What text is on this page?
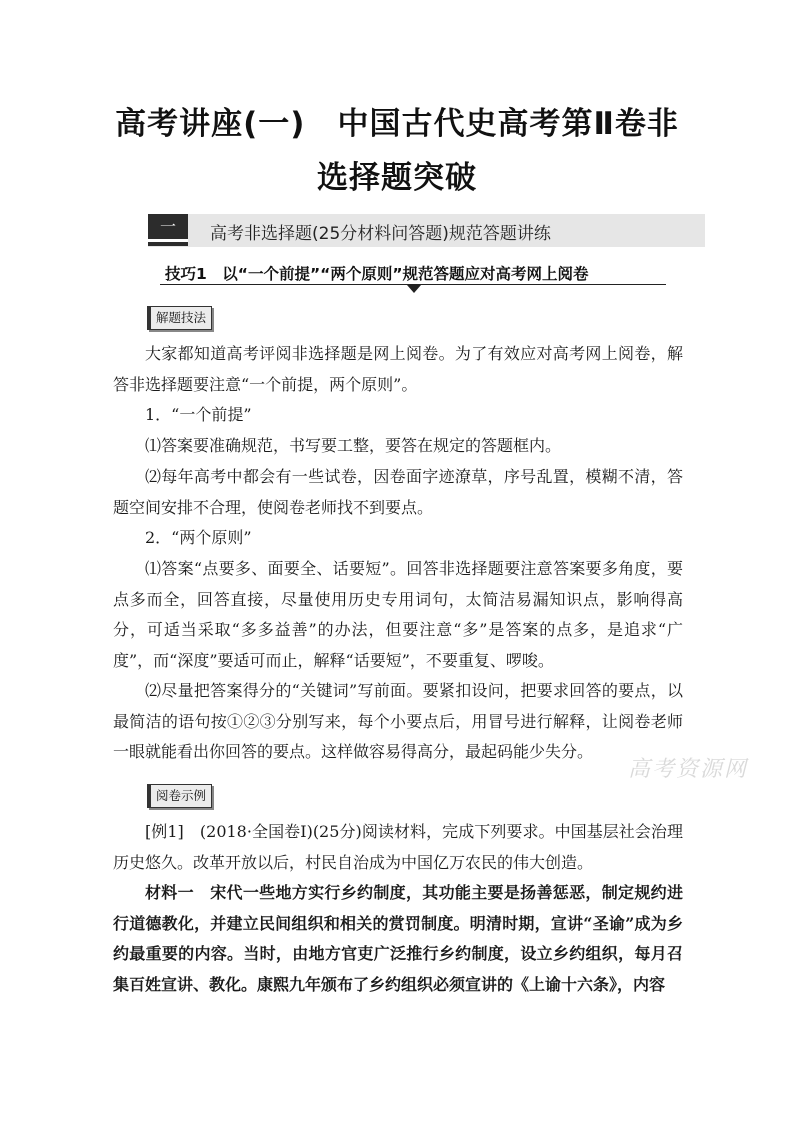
高考讲座(一)　中国古代史高考第Ⅱ卷非
选择题突破
一	高考非选择题(25分材料问答题)规范答题讲练
技巧1　以“一个前提”“两个原则”规范答题应对高考网上阅卷
解题技法

大家都知道高考评阅非选择题是网上阅卷。为了有效应对高考网上阅卷，解答非选择题要注意“一个前提，两个原则”。

1．“一个前提”

⑴答案要准确规范，书写要工整，要答在规定的答题框内。

⑵每年高考中都会有一些试卷，因卷面字迹潦草，序号乱置，模糊不清，答题空间安排不合理，使阅卷老师找不到要点。

2．“两个原则”

⑴答案“点要多、面要全、话要短”。回答非选择题要注意答案要多角度，要点多而全，回答直接，尽量使用历史专用词句，太简洁易漏知识点，影响得高分，可适当采取“多多益善”的办法，但要注意“多”是答案的点多，是追求“广度”，而“深度”要适可而止，解释“话要短”，不要重复、啰唆。

⑵尽量把答案得分的“关键词”写前面。要紧扣设问，把要求回答的要点，以最简洁的语句按①②③分别写来，每个小要点后，用冒号进行解释，让阅卷老师一眼就能看出你回答的要点。这样做容易得高分，最起码能少失分。

高考资源网
阅卷示例

[例1]　(2018·全国卷Ⅰ)(25分)阅读材料，完成下列要求。中国基层社会治理历史悠久。改革开放以后，村民自治成为中国亿万农民的伟大创造。

材料一　宋代一些地方实行乡约制度，其功能主要是扬善惩恶，制定规约进行道德教化，并建立民间组织和相关的赏罚制度。明清时期，宣讲“圣谕”成为乡约最重要的内容。当时，由地方官吏广泛推行乡约制度，设立乡约组织，每月召集百姓宣讲、教化。康熙九年颁布了乡约组织必须宣讲的《上谕十六条》，内容
